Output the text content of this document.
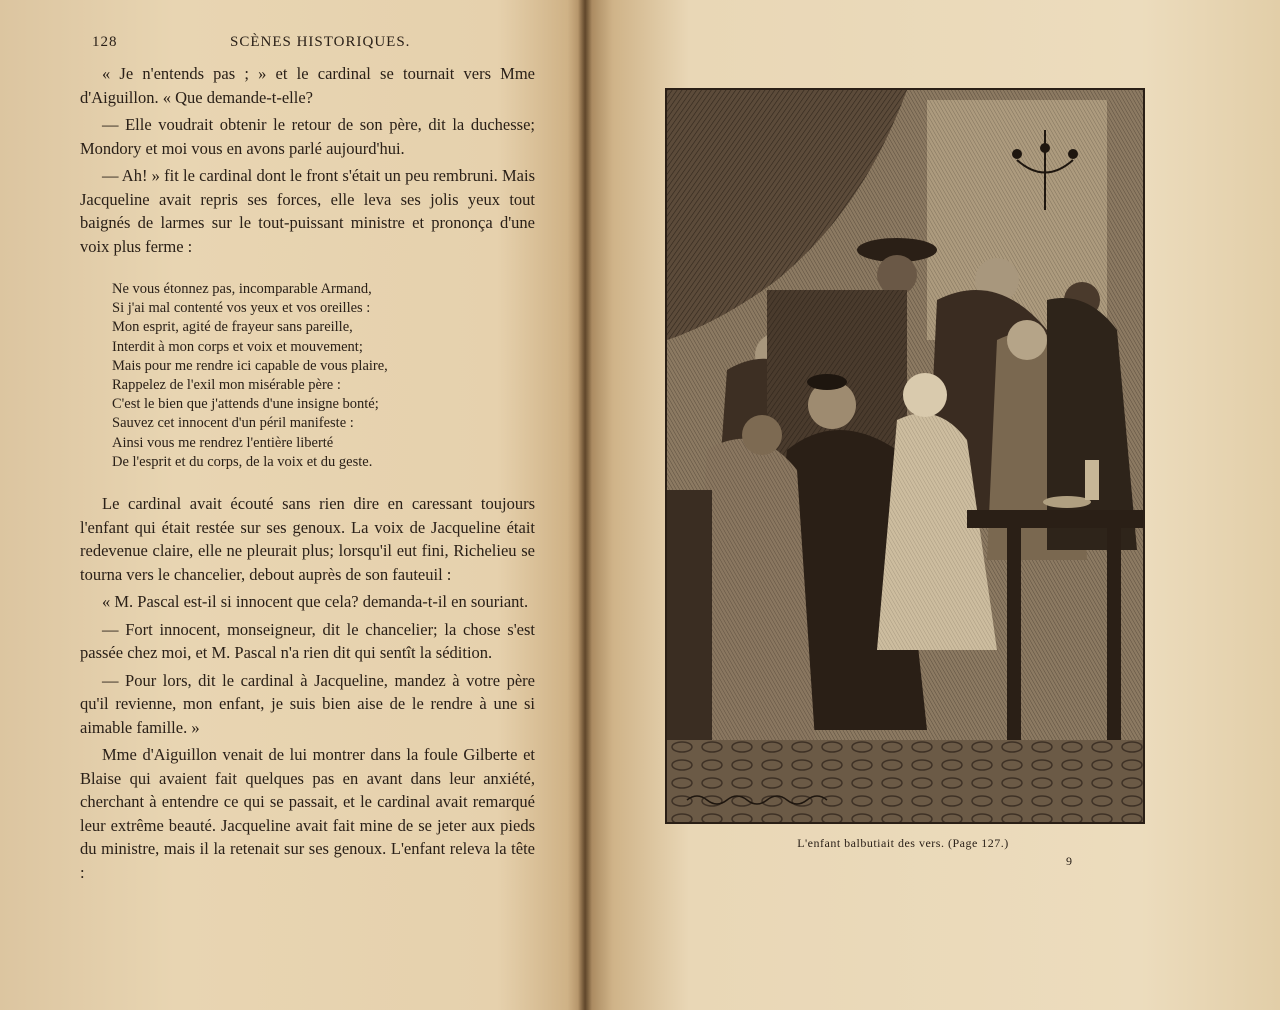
128	SCÈNES HISTORIQUES.

« Je n'entends pas ; » et le cardinal se tournait vers Mme d'Aiguillon. « Que demande-t-elle?

— Elle voudrait obtenir le retour de son père, dit la duchesse; Mondory et moi vous en avons parlé aujourd'hui.

— Ah! » fit le cardinal dont le front s'était un peu rembruni. Mais Jacqueline avait repris ses forces, elle leva ses jolis yeux tout baignés de larmes sur le tout-puissant ministre et prononça d'une voix plus ferme :

Ne vous étonnez pas, incomparable Armand,
Si j'ai mal contenté vos yeux et vos oreilles :
Mon esprit, agité de frayeur sans pareille,
Interdit à mon corps et voix et mouvement;
Mais pour me rendre ici capable de vous plaire,
Rappelez de l'exil mon misérable père :
C'est le bien que j'attends d'une insigne bonté;
Sauvez cet innocent d'un péril manifeste :
Ainsi vous me rendrez l'entière liberté
De l'esprit et du corps, de la voix et du geste.

Le cardinal avait écouté sans rien dire en caressant toujours l'enfant qui était restée sur ses genoux. La voix de Jacqueline était redevenue claire, elle ne pleurait plus; lorsqu'il eut fini, Richelieu se tourna vers le chancelier, debout auprès de son fauteuil :

« M. Pascal est-il si innocent que cela? demanda-t-il en souriant.

— Fort innocent, monseigneur, dit le chancelier; la chose s'est passée chez moi, et M. Pascal n'a rien dit qui sentît la sédition.

— Pour lors, dit le cardinal à Jacqueline, mandez à votre père qu'il revienne, mon enfant, je suis bien aise de le rendre à une si aimable famille. »

Mme d'Aiguillon venait de lui montrer dans la foule Gilberte et Blaise qui avaient fait quelques pas en avant dans leur anxiété, cherchant à entendre ce qui se passait, et le cardinal avait remarqué leur extrême beauté. Jacqueline avait fait mine de se jeter aux pieds du ministre, mais il la retenait sur ses genoux. L'enfant releva la tête :

L'enfant balbutiait des vers. (Page 127.)
9
